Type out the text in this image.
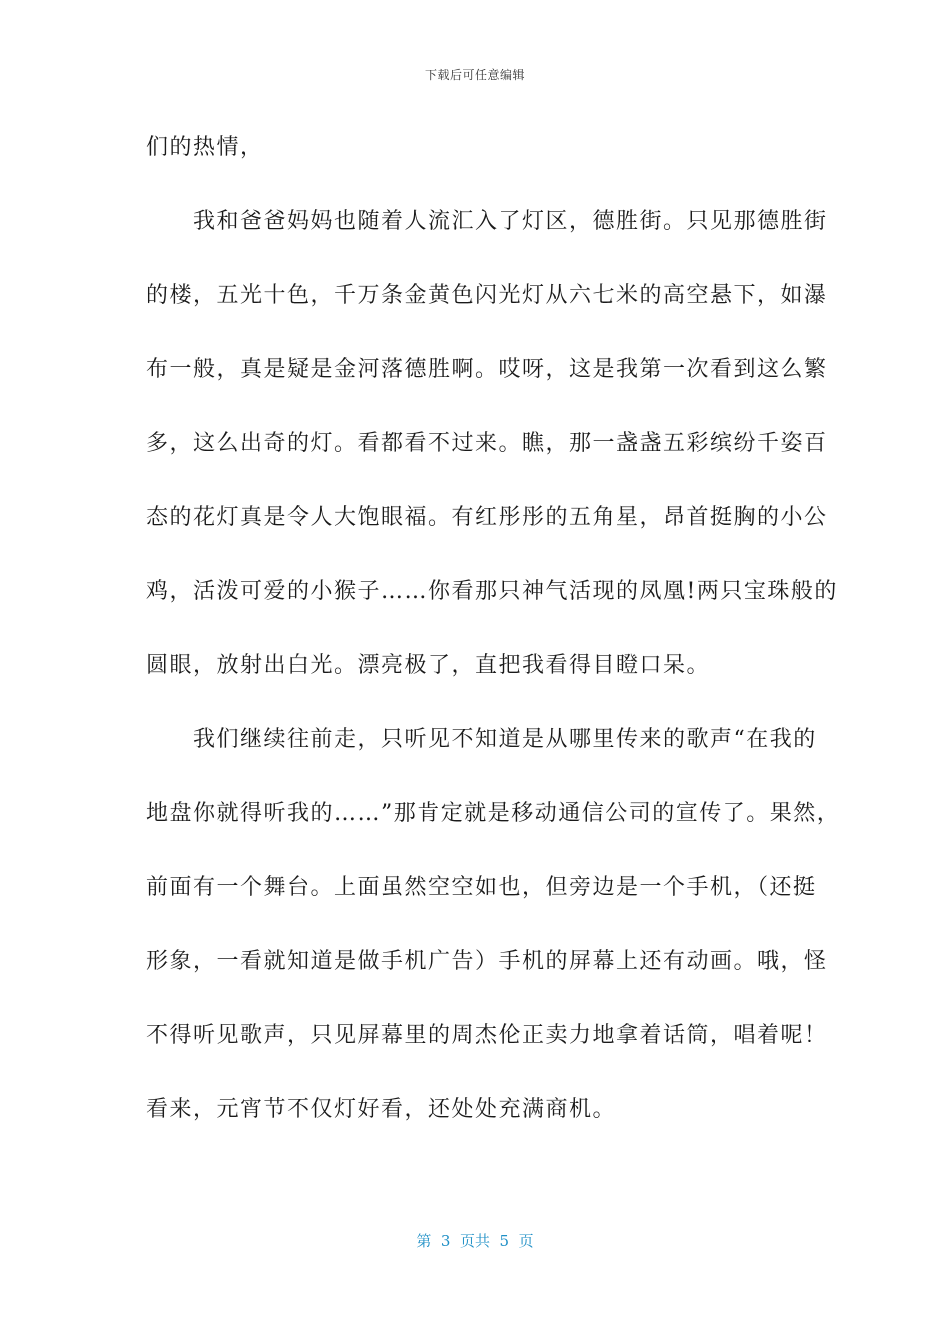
下载后可任意编辑
们的热情，
　　我和爸爸妈妈也随着人流汇入了灯区，德胜街。只见那德胜街
的楼，五光十色，千万条金黄色闪光灯从六七米的高空悬下，如瀑
布一般，真是疑是金河落德胜啊。哎呀，这是我第一次看到这么繁
多，这么出奇的灯。看都看不过来。瞧，那一盏盏五彩缤纷千姿百
态的花灯真是令人大饱眼福。有红彤彤的五角星，昂首挺胸的小公
鸡，活泼可爱的小猴子……你看那只神气活现的凤凰!两只宝珠般的
圆眼，放射出白光。漂亮极了，直把我看得目瞪口呆。
　　我们继续往前走，只听见不知道是从哪里传来的歌声“在我的
地盘你就得听我的……”那肯定就是移动通信公司的宣传了。果然，
前面有一个舞台。上面虽然空空如也，但旁边是一个手机，（还挺
形象，一看就知道是做手机广告）手机的屏幕上还有动画。哦，怪
不得听见歌声，只见屏幕里的周杰伦正卖力地拿着话筒，唱着呢！
看来，元宵节不仅灯好看，还处处充满商机。
第  3  页共  5  页
